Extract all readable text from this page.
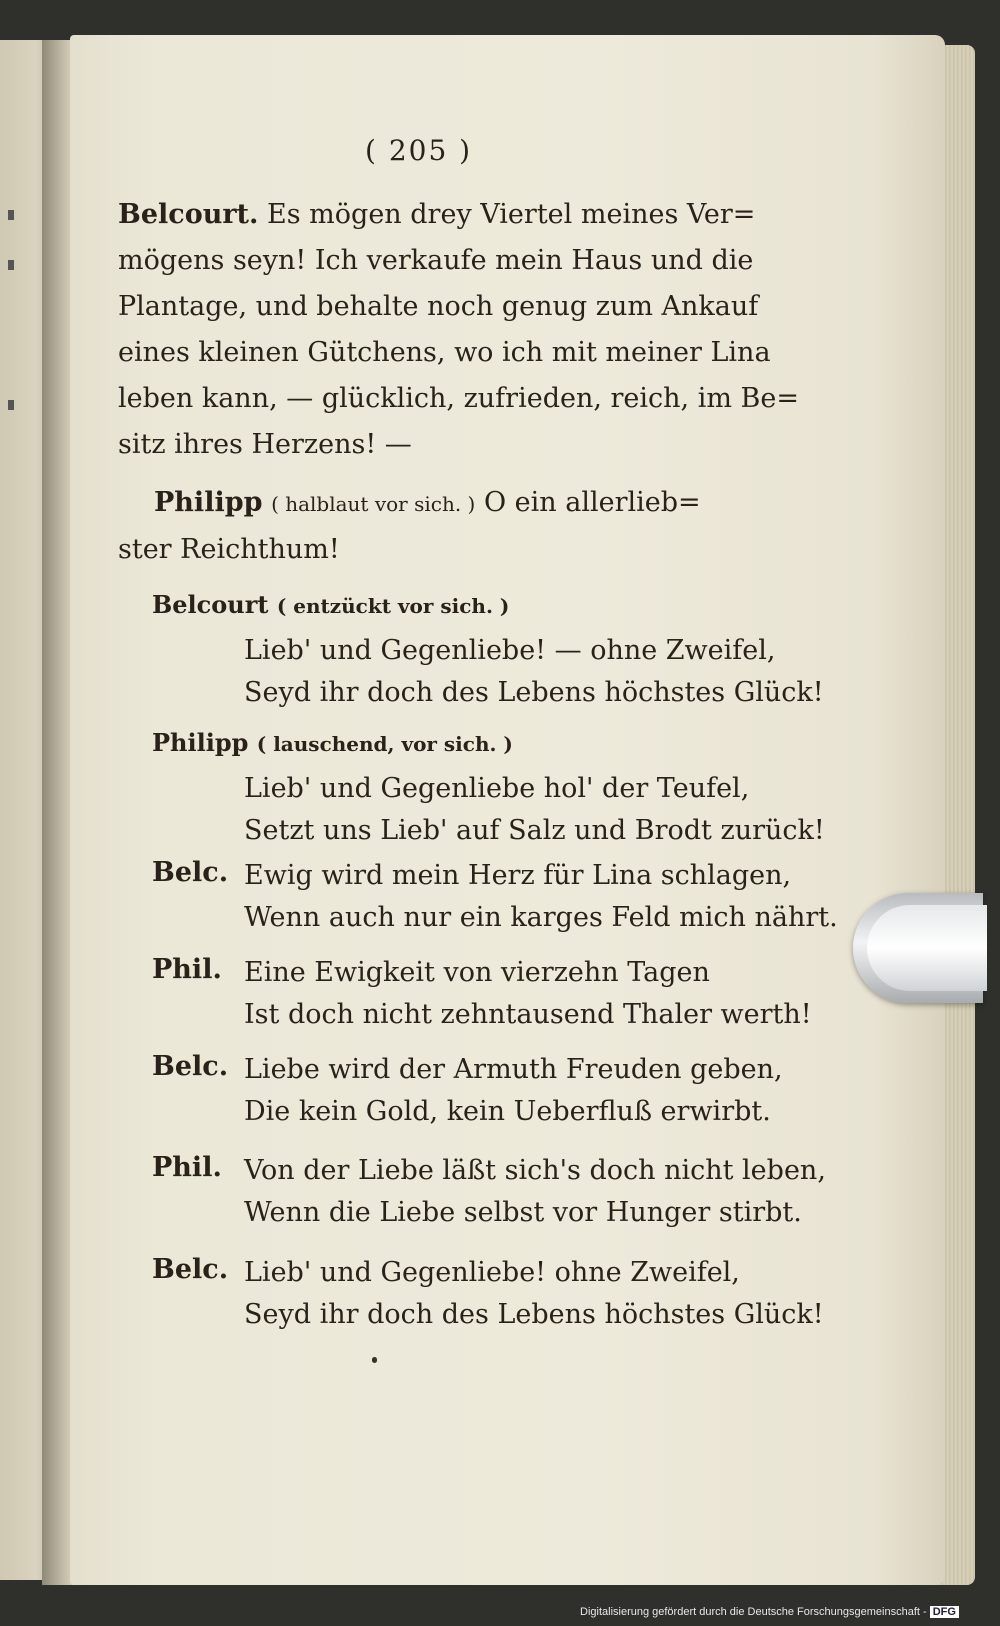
( 205 )
Belcourt. Es mögen drey Viertel meines Ver=
mögens seyn! Ich verkaufe mein Haus und die
Plantage, und behalte noch genug zum Ankauf
eines kleinen Gütchens, wo ich mit meiner Lina
leben kann, — glücklich, zufrieden, reich, im Be=
sitz ihres Herzens! —
Philipp ( halblaut vor sich. ) O ein allerlieb=
ster Reichthum!
Belcourt ( entzückt vor sich. )
Lieb' und Gegenliebe! — ohne Zweifel,
Seyd ihr doch des Lebens höchstes Glück!
Philipp ( lauschend, vor sich. )
Lieb' und Gegenliebe hol' der Teufel,
Setzt uns Lieb' auf Salz und Brodt zurück!
Belc. Ewig wird mein Herz für Lina schlagen,
Wenn auch nur ein karges Feld mich nährt.
Phil. Eine Ewigkeit von vierzehn Tagen
Ist doch nicht zehntausend Thaler werth!
Belc. Liebe wird der Armuth Freuden geben,
Die kein Gold, kein Ueberfluß erwirbt.
Phil. Von der Liebe läßt sich's doch nicht leben,
Wenn die Liebe selbst vor Hunger stirbt.
Belc. Lieb' und Gegenliebe! ohne Zweifel,
Seyd ihr doch des Lebens höchstes Glück!
Digitalisierung gefördert durch die Deutsche Forschungsgemeinschaft - DFG
